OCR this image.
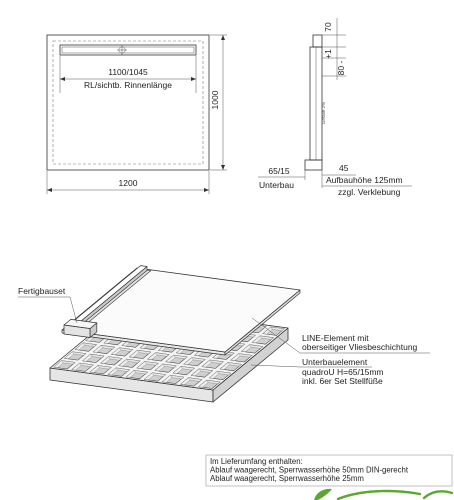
1100/1045
RL/sichtb. Rinnenlänge
1000
1200
70
+1
80 -
Gefälle 2%
65/15
Unterbau
45
Aufbauhöhe 125mm
zzgl. Verklebung
Fertigbauset
LINE-Element mit
oberseitiger Vliesbeschichtung
Unterbauelement
quadroU H=65/15mm
inkl. 6er Set Stellfüße
Im Lieferumfang enthalten:
Ablauf waagerecht, Sperrwasserhöhe 50mm DIN-gerecht
Ablauf waagerecht, Sperrwasserhöhe 25mm
